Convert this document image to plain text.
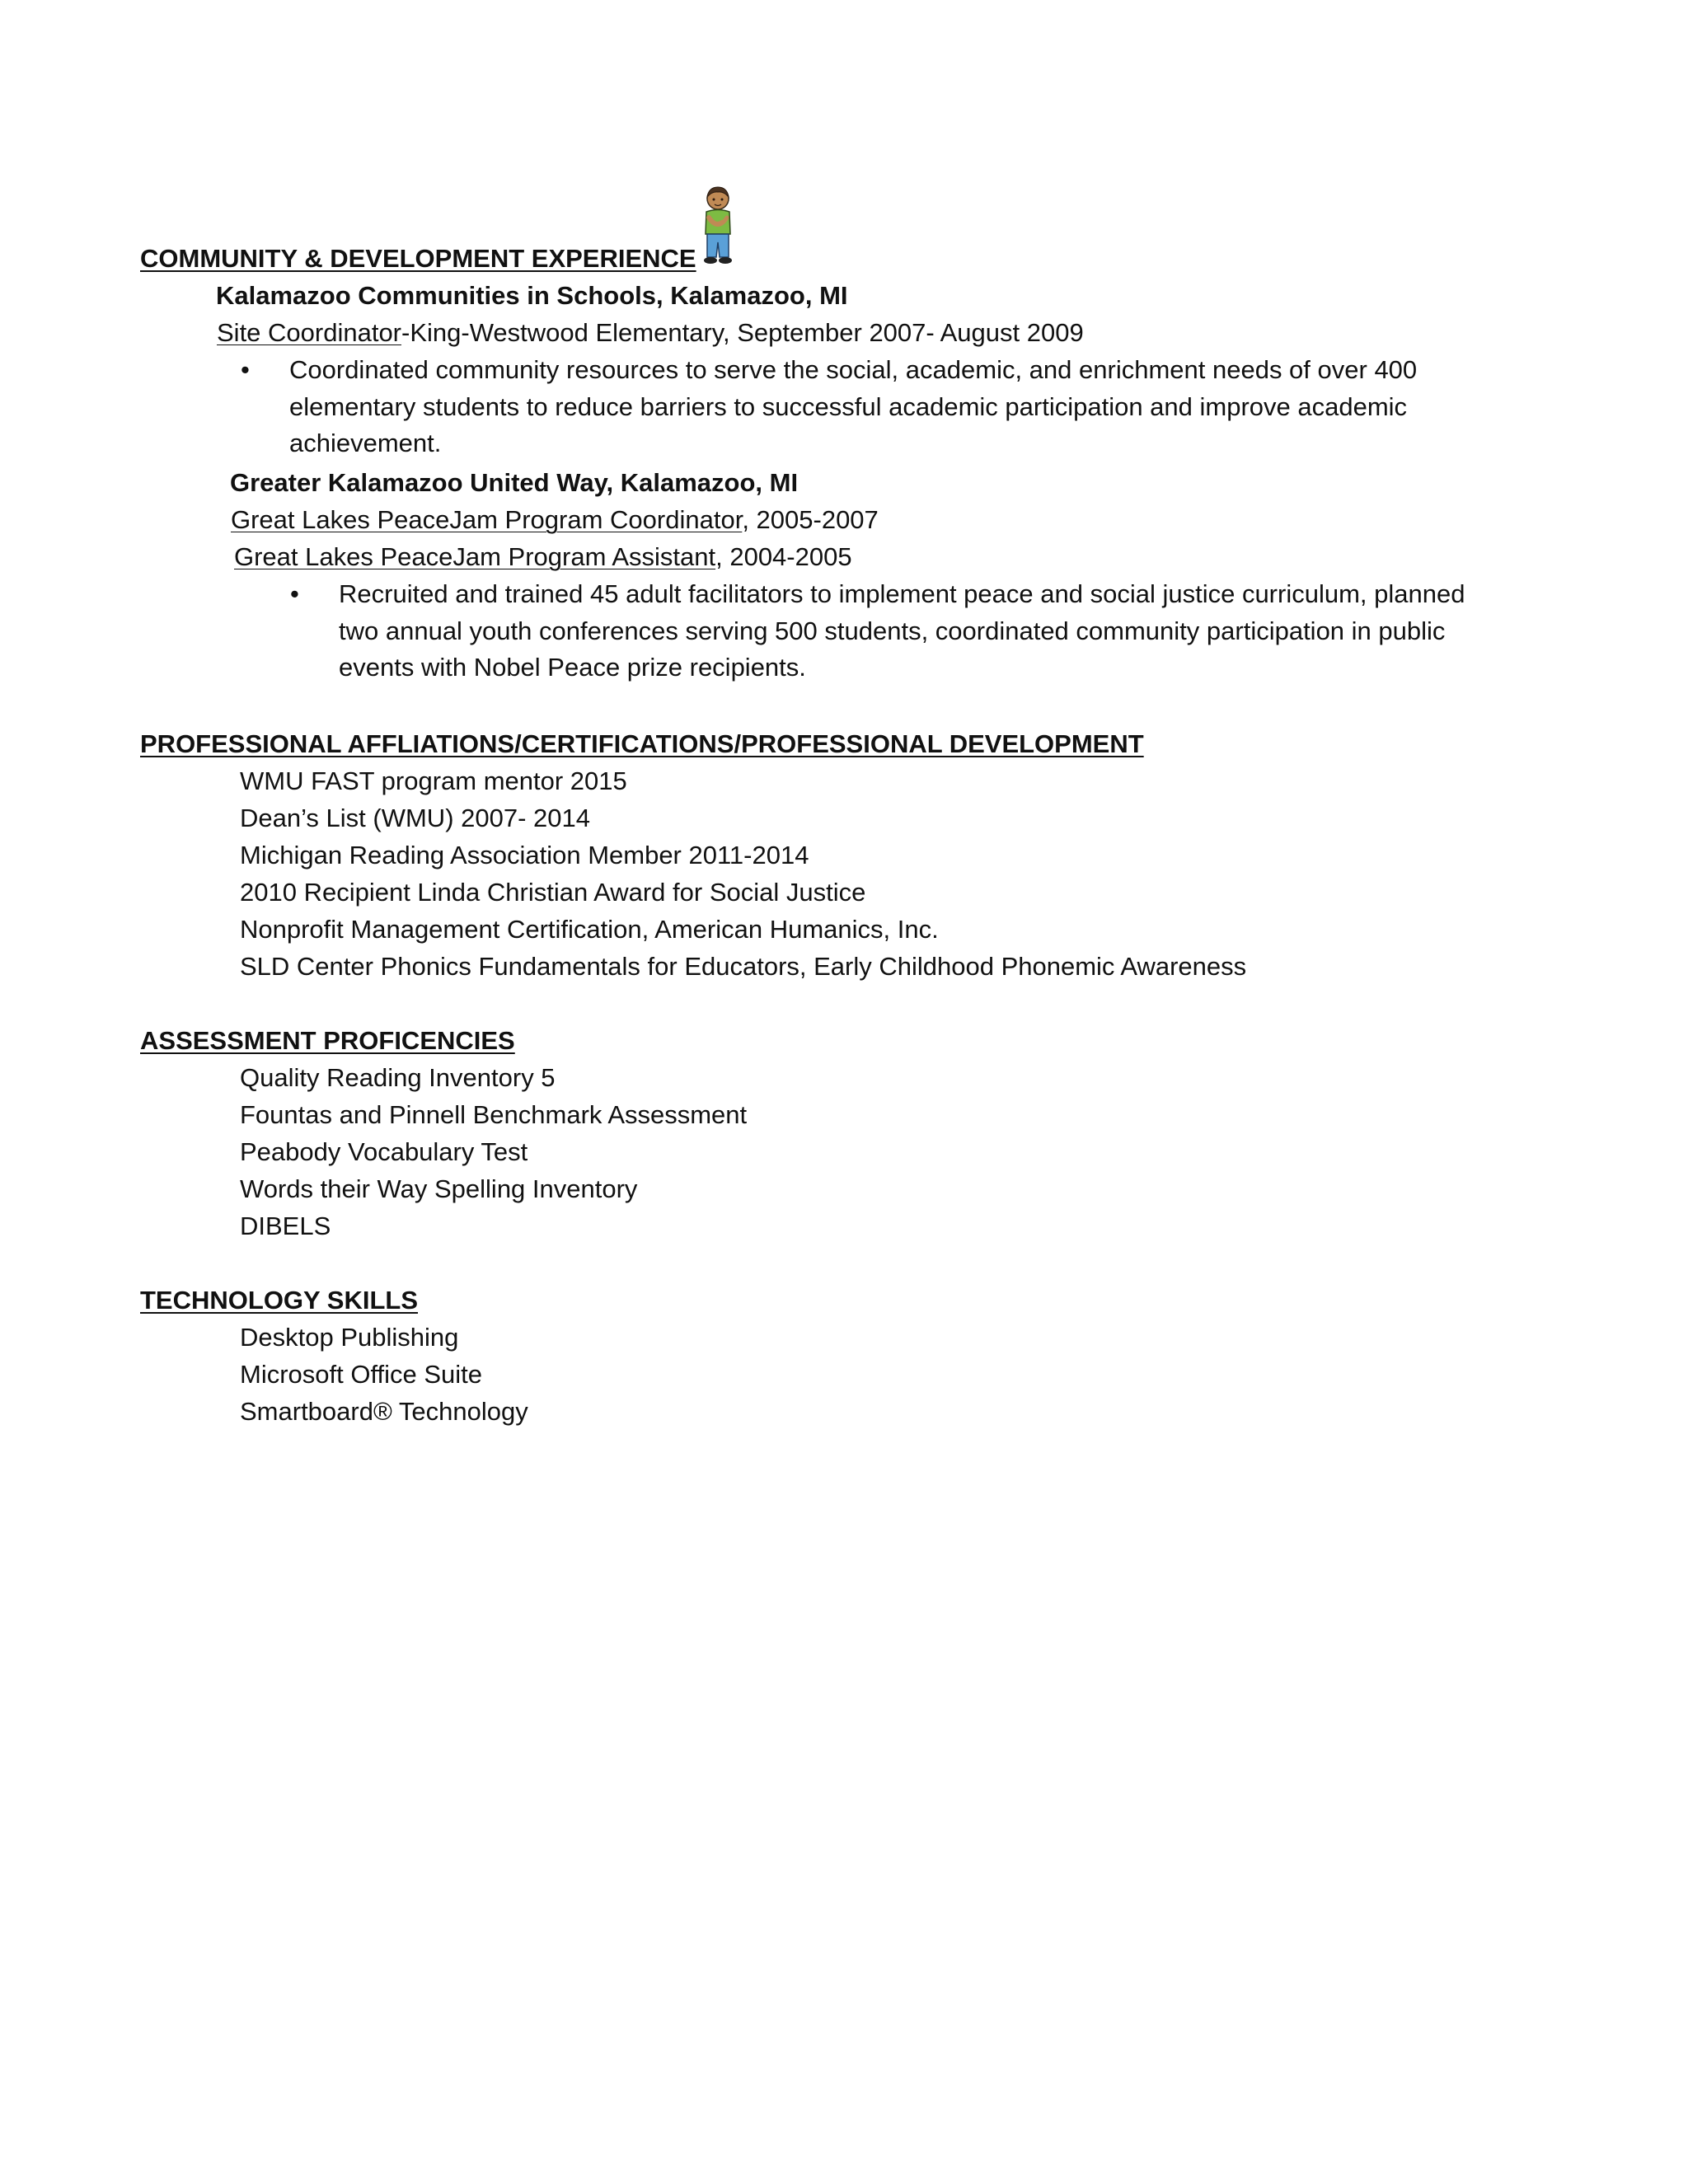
COMMUNITY & DEVELOPMENT EXPERIENCE
Kalamazoo Communities in Schools, Kalamazoo, MI
Site Coordinator-King-Westwood Elementary, September 2007- August 2009
• Coordinated community resources to serve the social, academic, and enrichment needs of over 400 elementary students to reduce barriers to successful academic participation and improve academic achievement.
Greater Kalamazoo United Way, Kalamazoo, MI
Great Lakes PeaceJam Program Coordinator, 2005-2007
Great Lakes PeaceJam Program Assistant, 2004-2005
• Recruited and trained 45 adult facilitators to implement peace and social justice curriculum, planned two annual youth conferences serving 500 students, coordinated community participation in public events with Nobel Peace prize recipients.
PROFESSIONAL AFFLIATIONS/CERTIFICATIONS/PROFESSIONAL DEVELOPMENT
WMU FAST program mentor 2015
Dean’s List (WMU) 2007- 2014
Michigan Reading Association Member 2011-2014
2010 Recipient Linda Christian Award for Social Justice
Nonprofit Management Certification, American Humanics, Inc.
SLD Center Phonics Fundamentals for Educators, Early Childhood Phonemic Awareness
ASSESSMENT PROFICENCIES
Quality Reading Inventory 5
Fountas and Pinnell Benchmark Assessment
Peabody Vocabulary Test
Words their Way Spelling Inventory
DIBELS
TECHNOLOGY SKILLS
Desktop Publishing
Microsoft Office Suite
Smartboard® Technology
